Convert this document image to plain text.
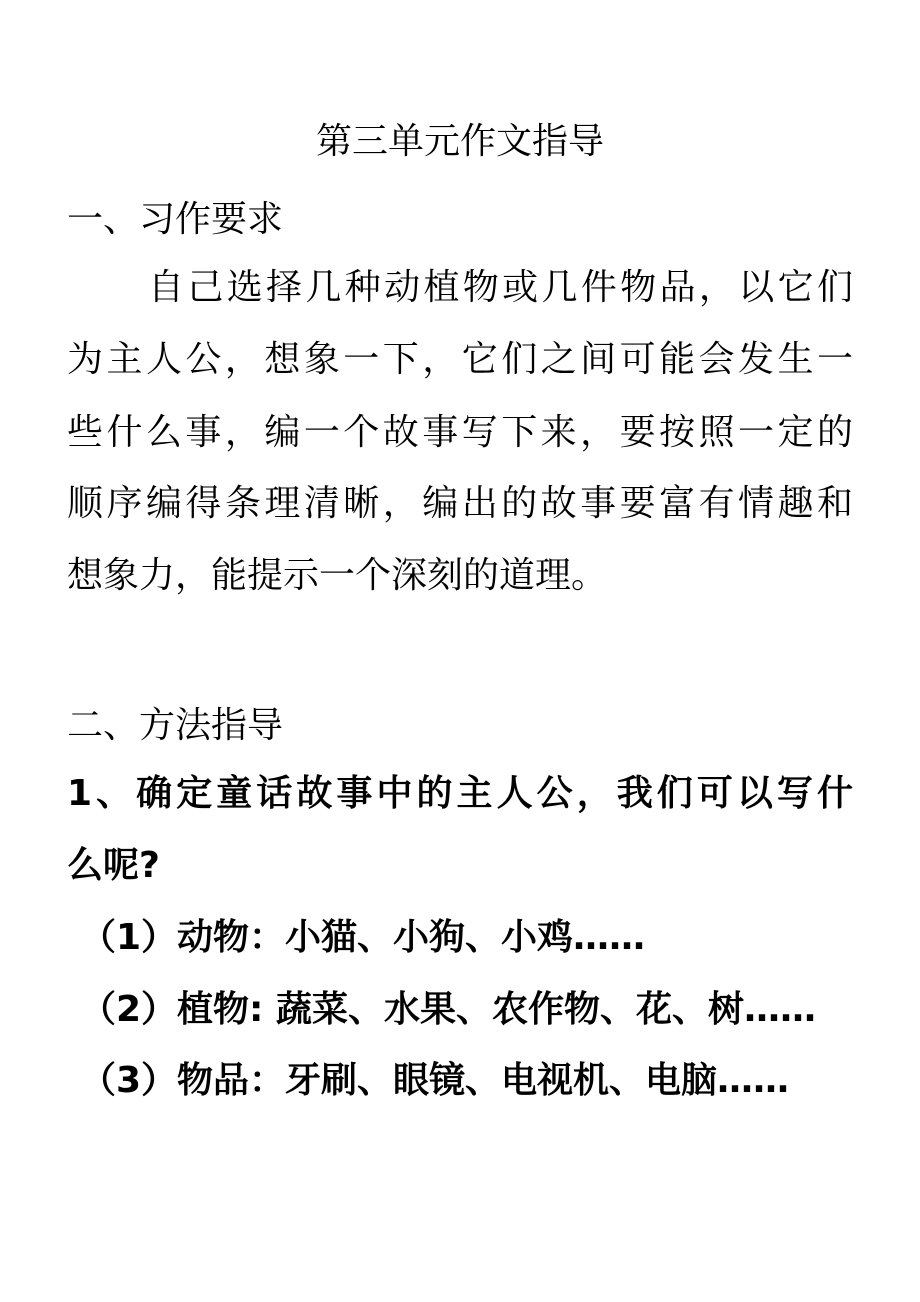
第三单元作文指导
一、习作要求
自己选择几种动植物或几件物品，以它们
为主人公，想象一下，它们之间可能会发生一
些什么事，编一个故事写下来，要按照一定的
顺序编得条理清晰，编出的故事要富有情趣和
想象力，能提示一个深刻的道理。
二、方法指导
1、确定童话故事中的主人公，我们可以写什
么呢?
（1）动物：小猫、小狗、小鸡……
（2）植物: 蔬菜、水果、农作物、花、树……
（3）物品：牙刷、眼镜、电视机、电脑……
